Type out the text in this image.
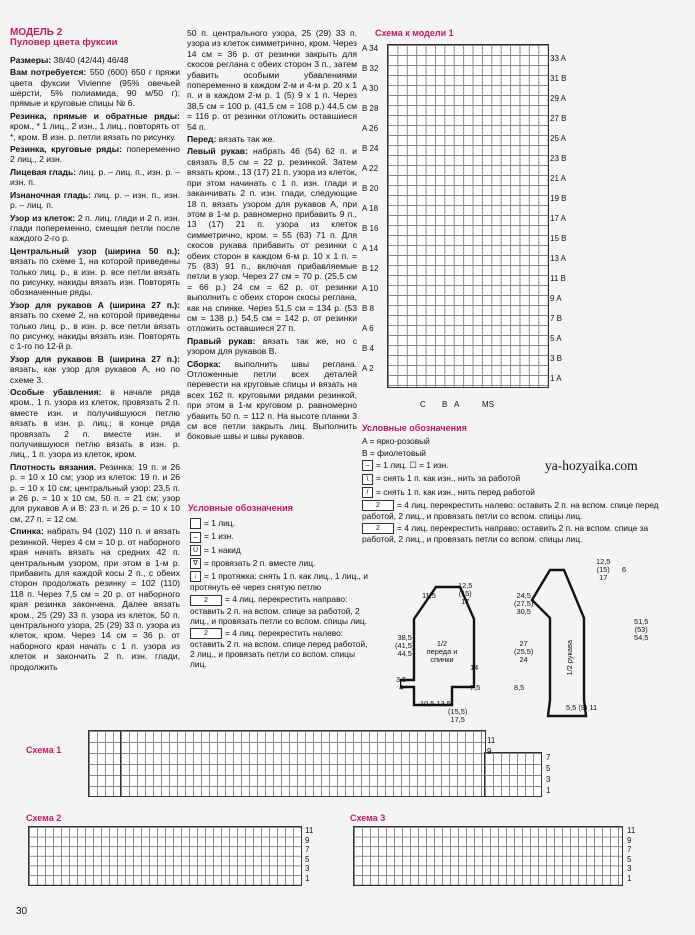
МОДЕЛЬ 2
Пуловер цвета фуксии

Размеры: 38/40 (42/44) 46/48

Вам потребуется: 550 (600) 650 г пряжи цвета фуксии Vivienne (95% овечьей шерсти, 5% полиамида, 90 м/50 г); прямые и круговые спицы № 6.

Резинка, прямые и обратные ряды: кром., * 1 лиц., 2 изн., 1 лиц., повторять от *, кром. В изн. р. петли вязать по рисунку.

Резинка, круговые ряды: попеременно 2 лиц., 2 изн.

Лицевая гладь: лиц. р. – лиц. п., изн. р. – изн. п.

Изнаночная гладь: лиц. р. – изн. п., изн. р. – лиц. п.

Узор из клеток: 2 п. лиц. глади и 2 п. изн. глади попеременно, смещая петли после каждого 2-го р.

Центральный узор (ширина 50 п.): вязать по схеме 1, на которой приведены только лиц. р., в изн. р. все петли вязать по рисунку, накиды вязать изн. Повторять обозначенные ряды.

Узор для рукавов А (ширина 27 п.): вязать по схеме 2, на которой приведены только лиц. р., в изн. р. все петли вязать по рисунку, накиды вязать изн. Повторять с 1-го по 12-й р.

Узор для рукавов В (ширина 27 п.): вязать, как узор для рукавов А, но по схеме 3.

Особые убавления: в начале ряда кром., 1 п. узора из клеток, провязать 2 п. вместе изн. и получившуюся петлю вязать в изн. р. лиц.; в конце ряда провязать 2 п. вместе изн. и получившуюся петлю вязать в изн. р. лиц., 1 п. узора из клеток, кром.

Плотность вязания. Резинка: 19 п. и 26 р. = 10 х 10 см; узор из клеток: 19 п. и 26 р. = 10 х 10 см; центральный узор: 23,5 п. и 26 р. = 10 х 10 см, 50 п. = 21 см; узор для рукавов А и В: 23 п. и 26 р. = 10 х 10 см, 27 п. = 12 см.

Спинка: набрать 94 (102) 110 п. и вязать резинкой. Через 4 см = 10 р. от наборного края начать вязать на средних 42 п. центральным узором, при этом в 1-м р. прибавить для каждой косы 2 п., с обеих сторон продолжать резинку = 102 (110) 118 п. Через 7,5 см = 20 р. от наборного края резинка закончена. Далее вязать кром., 25 (29) 33 п. узора из клеток, 50 п. центрального узора, 25 (29) 33 п. узора из клеток, кром. Через 14 см = 36 р. от наборного края начать с 1 п. узора из клеток и закончить 2 п. изн. глади, продолжить

50 п. центрального узора, 25 (29) 33 п. узора из клеток симметрично, кром. Через 14 см = 36 р. от резинки закрыть для скосов реглана с обеих сторон 3 п., затем убавить особыми убавлениями попеременно в каждом 2-м и 4-м р. 20 х 1 п. и в каждом 2-м р. 1 (5) 9 х 1 п. Через 38,5 см = 100 р. (41,5 см = 108 р.) 44,5 см = 116 р. от резинки отложить оставшиеся 54 п.

Перед: вязать так же.

Левый рукав: набрать 46 (54) 62 п. и связать 8,5 см = 22 р. резинкой. Затем вязать кром., 13 (17) 21 п. узора из клеток, при этом начинать с 1 п. изн. глади и заканчивать 2 п. изн. глади, следующие 18 п. вязать узором для рукавов А, при этом в 1-м р. равномерно прибавить 9 п., 13 (17) 21 п. узора из клеток симметрично, кром. = 55 (63) 71 п. Для скосов рукава прибавить от резинки с обеих сторон в каждом 6-м р. 10 х 1 п. = 75 (83) 91 п., включая прибавляемые петли в узор. Через 27 см = 70 р. (25,5 см = 66 р.) 24 см = 62 р. от резинки выполнить с обеих сторон скосы реглана, как на спинке. Через 51,5 см = 134 р. (53 см = 138 р.) 54,5 см = 142 р. от резинки отложить оставшиеся 27 п.

Правый рукав: вязать так же, но с узором для рукавов В.

Сборка: выполнить швы реглана. Отложенные петли всех деталей перевести на круговые спицы и вязать на всех 162 п. круговыми рядами резинкой, при этом в 1-м круговом р. равномерно убавить 50 п. = 112 п. На высоте планки 3 см все петли закрыть лиц. Выполнить боковые швы и швы рукавов.

Условные обозначения
= 1 лиц.
– = 1 изн.
U = 1 накид
∇ = провязать 2 п. вместе лиц.
↓ = 1 протяжка: снять 1 п. как лиц., 1 лиц., и протянуть её через снятую петлю
2 = 4 лиц. перекрестить направо: оставить 2 п. на вспом. спице за работой, 2 лиц., и провязать петли со вспом. спицы лиц.
2 = 4 лиц. перекрестить налево: оставить 2 п. на вспом. спице перед работой, 2 лиц., и провязать петли со вспом. спицы лиц.
Схема к модели 1
A 34
B 32
A 30
B 28
A 26
B 24
A 22
B 20
A 18
B 16
A 14
B 12
A 10
B 8
A 6
B 4
A 2
33 A
31 B
29 A
27 B
25 A
23 B
21 A
19 B
17 A
15 B
13 A
11 B
9 A
7 B
5 A
3 B
1 A
C B A	MS
Условные обозначения
A = ярко-розовый
B = фиолетовый
– = 1 лиц. ☐ = 1 изн.
\ = снять 1 п. как изн., нить за работой
/ = снять 1 п. как изн., нить перед работой
2 = 4 лиц. перекрестить налево: оставить 2 п. на вспом. спице перед работой, 2 лиц., и провязать петли со вспом. спицы лиц.
2 = 4 лиц. перекрестить направо: оставить 2 п. на вспом. спице за работой, 2 лиц., и провязать петли со вспом. спицы лиц.
ya-hozyaika.com
12,5
(15)
17
11,5
38,5
(41,5)
44,5
1/2 переда и спинки
14
7,5
3,5
4
10,5 13,5
(15,5)
17,5
12,5
(15)
17
6
24,5
(27,5)
30,5
1/2 рукава
27
(25,5)
24
51,5
(53)
54,5
8,5
5,5 (9) 11
Схема 1
11
9
7
5
3
1
Схема 2
11
9
7
5
3
1
Схема 3
11
9
7
5
3
1
30
